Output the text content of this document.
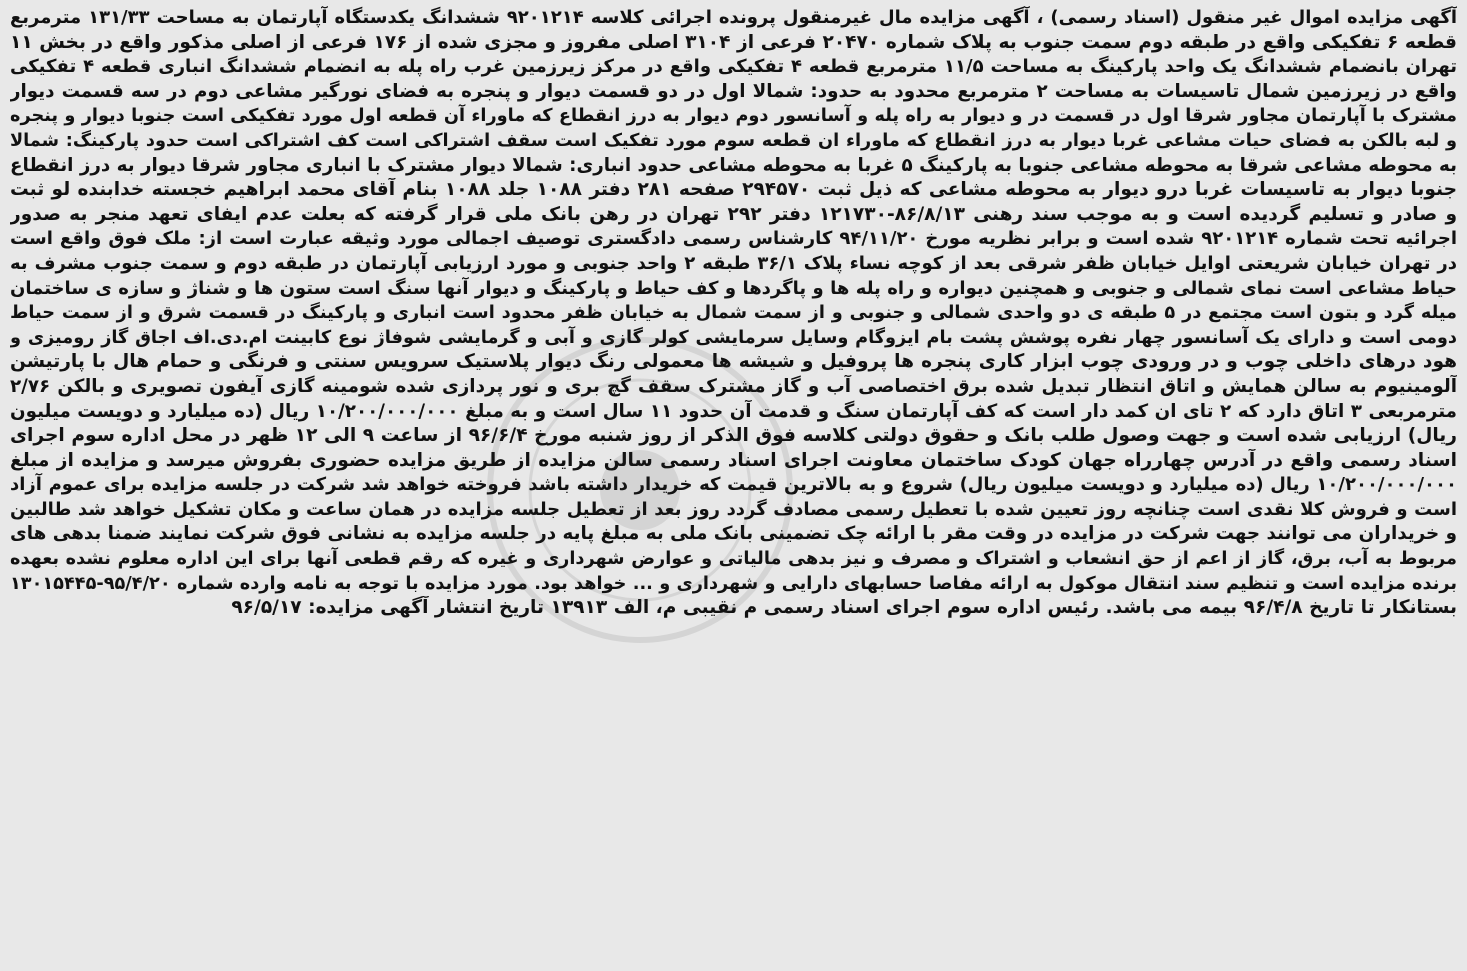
آگهی مزایده اموال غیر منقول (اسناد رسمی) ، آگهی مزایده مال غیرمنقول پرونده اجرائی کلاسه ۹۲۰۱۲۱۴ ششدانگ یکدستگاه آپارتمان به مساحت ۱۳۱/۳۳ مترمربع
قطعه ۶ تفکیکی واقع در طبقه دوم سمت جنوب به پلاک شماره ۲۰۴۷۰ فرعی از ۳۱۰۴ اصلی مفروز و مجزی شده از ۱۷۶ فرعی از اصلی مذکور واقع در بخش ۱۱
تهران بانضمام ششدانگ یک واحد پارکینگ به مساحت ۱۱/۵ مترمربع قطعه ۴ تفکیکی واقع در مرکز زیرزمین غرب راه پله به انضمام ششدانگ انباری قطعه ۴ تفکیکی
واقع در زیرزمین شمال تاسیسات به مساحت ۲ مترمربع محدود به حدود: شمالا اول در دو قسمت دیوار و پنجره به فضای نورگیر مشاعی دوم در سه قسمت دیوار
مشترک با آپارتمان مجاور شرقا اول در قسمت در و دیوار به راه پله و آسانسور دوم دیوار به درز انقطاع که ماوراء آن قطعه اول مورد تفکیکی است جنوبا دیوار و پنجره
و لبه بالکن به فضای حیات مشاعی غربا دیوار به درز انقطاع که ماوراء ان قطعه سوم مورد تفکیک است سقف اشتراکی است کف اشتراکی است حدود پارکینگ: شمالا
به محوطه مشاعی شرقا به محوطه مشاعی جنوبا به پارکینگ ۵ غربا به محوطه مشاعی حدود انباری: شمالا دیوار مشترک با انباری مجاور شرقا دیوار به درز انقطاع
جنوبا دیوار به تاسیسات غربا درو دیوار به محوطه مشاعی که ذیل ثبت ۲۹۴۵۷۰ صفحه ۲۸۱ دفتر ۱۰۸۸ جلد ۱۰۸۸ بنام آقای محمد ابراهیم خجسته خدابنده لو ثبت
و صادر و تسلیم گردیده است و به موجب سند رهنی ۸۶/۸/۱۳-۱۲۱۷۳۰ دفتر ۲۹۲ تهران در رهن بانک ملی قرار گرفته که بعلت عدم ایفای تعهد منجر به صدور
اجرائیه تحت شماره ۹۲۰۱۲۱۴ شده است و برابر نظریه مورخ ۹۴/۱۱/۲۰ کارشناس رسمی دادگستری توصیف اجمالی مورد وثیقه عبارت است از: ملک فوق واقع است
در تهران خیابان شریعتی اوایل خیابان ظفر شرقی بعد از کوچه نساء پلاک ۳۶/۱ طبقه ۲ واحد جنوبی و مورد ارزیابی آپارتمان در طبقه دوم و سمت جنوب مشرف به
حیاط مشاعی است نمای شمالی و جنوبی و همچنین دیواره و راه پله ها و پاگردها و کف حیاط و پارکینگ و دیوار آنها سنگ است ستون ها و شناژ و سازه ی ساختمان
میله گرد و بتون است مجتمع در ۵ طبقه ی دو واحدی شمالی و جنوبی و از سمت شمال به خیابان ظفر محدود است انباری و پارکینگ در قسمت شرق و از سمت حیاط
دومی است و دارای یک آسانسور چهار نفره پوشش پشت بام ایزوگام وسایل سرمایشی کولر گازی و آبی و گرمایشی شوفاژ نوع کابینت ام.دی.اف اجاق گاز رومیزی و
هود درهای داخلی چوب و در ورودی چوب ابزار کاری پنجره ها پروفیل و شیشه ها معمولی رنگ دیوار پلاستیک سرویس سنتی و فرنگی و حمام هال با پارتیشن
آلومینیوم به سالن همایش و اتاق انتظار تبدیل شده برق اختصاصی آب و گاز مشترک سقف گچ بری و نور پردازی شده شومینه گازی آیفون تصویری و بالکن ۲/۷۶
مترمربعی ۳ اتاق دارد که ۲ تای ان کمد دار است که کف آپارتمان سنگ و قدمت آن حدود ۱۱ سال است و به مبلغ ۱۰/۲۰۰/۰۰۰/۰۰۰ ریال (ده میلیارد و دویست میلیون
ریال) ارزیابی شده است و جهت وصول طلب بانک و حقوق دولتی کلاسه فوق الذکر از روز شنبه مورخ ۹۶/۶/۴ از ساعت ۹ الی ۱۲ ظهر در محل اداره سوم اجرای
اسناد رسمی واقع در آدرس چهارراه جهان کودک ساختمان معاونت اجرای اسناد رسمی سالن مزایده از طریق مزایده حضوری بفروش میرسد و مزایده از مبلغ
۱۰/۲۰۰/۰۰۰/۰۰۰ ریال (ده میلیارد و دویست میلیون ریال) شروع و به بالاترین قیمت که خریدار داشته باشد فروخته خواهد شد شرکت در جلسه مزایده برای عموم آزاد
است و فروش کلا نقدی است چنانچه روز تعیین شده با تعطیل رسمی مصادف گردد روز بعد از تعطیل جلسه مزایده در همان ساعت و مکان تشکیل خواهد شد طالبین
و خریداران می توانند جهت شرکت در مزایده در وقت مقر با ارائه چک تضمینی بانک ملی به مبلغ پایه در جلسه مزایده به نشانی فوق شرکت نمایند ضمنا بدهی های
مربوط به آب، برق، گاز از اعم از حق انشعاب و اشتراک و مصرف و نیز بدهی مالیاتی و عوارض شهرداری و غیره که رقم قطعی آنها برای این اداره معلوم نشده بعهده
برنده مزایده است و تنظیم سند انتقال موکول به ارائه مفاصا حسابهای دارایی و شهرداری و ... خواهد بود. مورد مزایده با توجه به نامه وارده شماره ۹۵/۴/۲۰-۱۳۰۱۵۴۴۵
بستانکار تا تاریخ ۹۶/۴/۸ بیمه می باشد. رئیس اداره سوم اجرای اسناد رسمی م نقیبی م، الف ۱۳۹۱۳ تاریخ انتشار آگهی مزایده: ۹۶/۵/۱۷
